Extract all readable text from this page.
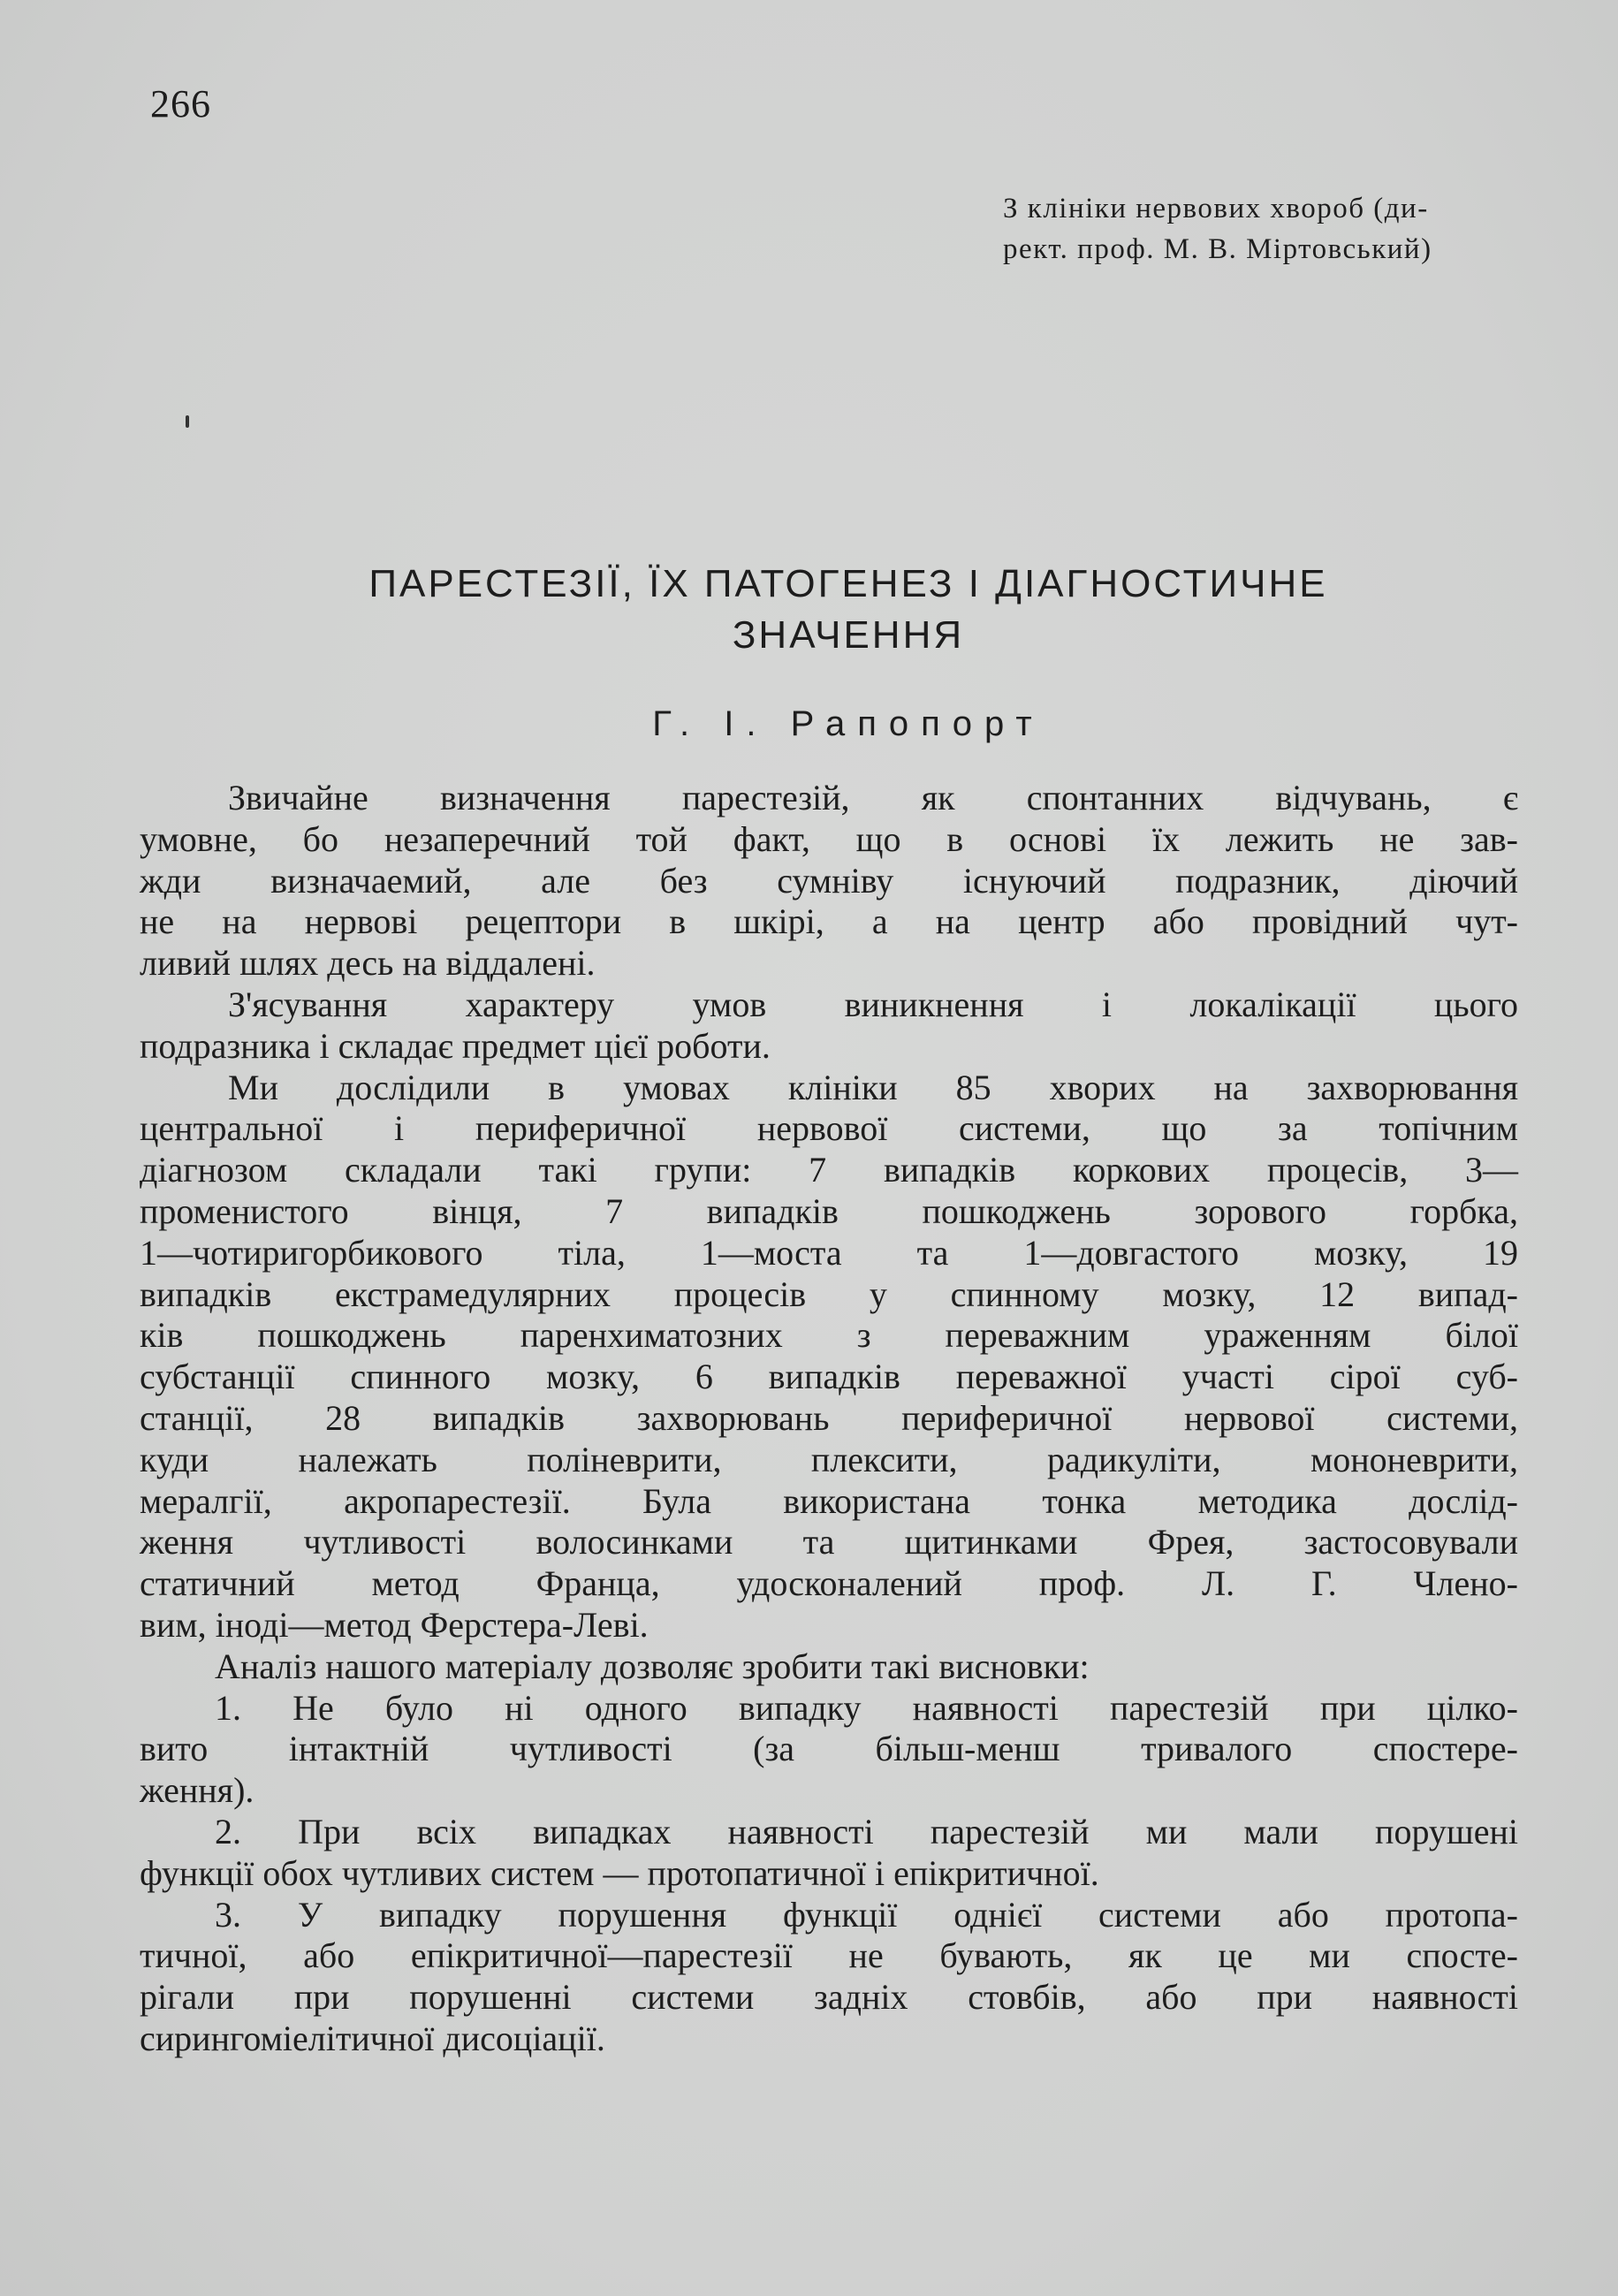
266
З клініки нервових хвороб (ди-
рект. проф. М. В. Міртовський)
ПАРЕСТЕЗІЇ, ЇХ ПАТОГЕНЕЗ І ДІАГНОСТИЧНЕ
ЗНАЧЕННЯ
Г. І. Рапопорт
Звичайне визначення парестезій, як спонтанних відчувань, є
умовне, бо незаперечний той факт, що в основі їх лежить не зав-
жди визначаемий, але без сумніву існуючий подразник, діючий
не на нервові рецептори в шкірі, а на центр або провідний чут-
ливий шлях десь на віддалені.
З'ясування характеру умов виникнення і локалікації цього
подразника і складає предмет цієї роботи.
Ми дослідили в умовах клініки 85 хворих на захворювання
центральної і периферичної нервової системи, що за топічним
діагнозом складали такі групи: 7 випадків коркових процесів, 3—
променистого вінця, 7 випадків пошкоджень зорового горбка,
1—чотиригорбикового тіла, 1—моста та 1—довгастого мозку, 19
випадків екстрамедулярних процесів у спинному мозку, 12 випад-
ків пошкоджень паренхиматозних з переважним ураженням білої
субстанції спинного мозку, 6 випадків переважної участі сірої суб-
станції, 28 випадків захворювань периферичної нервової системи,
куди належать поліневрити, плексити, радикуліти, мононеврити,
мералгії, акропарестезії. Була використана тонка методика дослід-
ження чутливості волосинками та щитинками Фрея, застосовували
статичний метод Франца, удосконалений проф. Л. Г. Члено-
вим, іноді—метод Ферстера-Леві.
Аналіз нашого матеріалу дозволяє зробити такі висновки:
1. Не було ні одного випадку наявності парестезій при цілко-
вито інтактній чутливості (за більш-менш тривалого спостере-
ження).
2. При всіх випадках наявності парестезій ми мали порушені
функції обох чутливих систем — протопатичної і епікритичної.
3. У випадку порушення функції однієї системи або протопа-
тичної, або епікритичної—парестезії не бувають, як це ми спосте-
рігали при порушенні системи задніх стовбів, або при наявності
сирингоміелітичної дисоціації.
